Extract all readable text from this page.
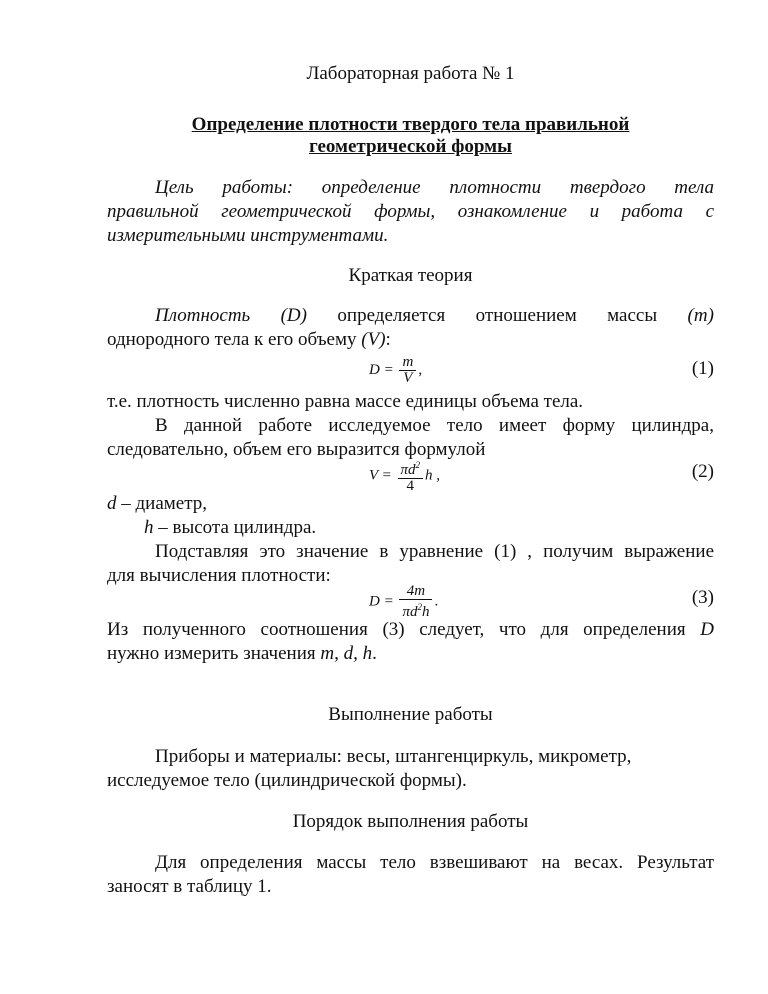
Лабораторная работа № 1
Определение плотности твердого тела правильной
геометрической формы
Цель работы: определение плотности твердого тела
правильной геометрической формы, ознакомление и работа с
измерительными инструментами.
Краткая теория
Плотность (D) определяется отношением массы (m)
однородного тела к его объему (V):
$D = \frac{m}{V}$ ,	(1)
т.е. плотность численно равна массе единицы объема тела.
В данной работе исследуемое тело имеет форму цилиндра,
следовательно, объем его выразится формулой
$V = \frac{\pi d^2}{4}$ h ,	(2)
d – диаметр,
h – высота цилиндра.
Подставляя это значение в уравнение (1) , получим выражение
для вычисления плотности:
$D = \frac{4m}{\pi d^2h}$ .	(3)
Из полученного соотношения (3) следует, что для определения D
нужно измерить значения m, d, h.
Выполнение работы
Приборы и материалы: весы, штангенциркуль, микрометр,
исследуемое тело (цилиндрической формы).
Порядок выполнения работы
Для определения массы тело взвешивают на весах. Результат
заносят в таблицу 1.
